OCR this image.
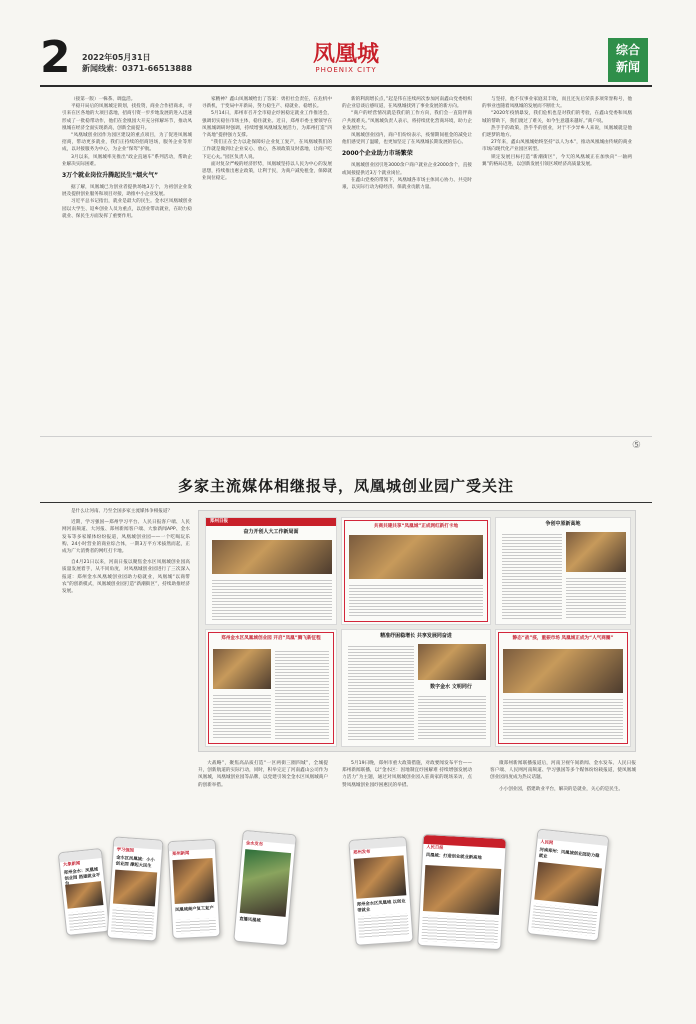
2 2022年05月31日
新闻线索：0371-66513888
凤凰城
PHOENIX CITY
综合
新闻

（接第一版）一株茶、调盘活。

平稳开局后的凤凰城定锁划，找投资，商业合作招商求，寻引来在区各地的大项目落地，招商引资一步步地发展的进入迅速形成了一批稳带动作，他们在金凰园大开充分挥解环节，推动凤凰城在经济全面实现新高，创新全面提升。

“凤凰城创业园作为园区建设的重点项目，为了促进凤凰城招商，带动更多就业，我们正持续的招商进场，服务企业等形成，以对接服务为中心，为企业“保驾”护航。

3月以来，凤凰城率先推出“政企直通车”系列活动，帮助企业解决实际困难。

3万个就业岗位升腾起民生“烟火气”

据了解，凤凰城已为创业者提供场地3万个，为初创企业发展及提供创业服务和项目对接，助推中小企业发展。

习近平总书记指出，就业是最大的民生。金水区凤凰城创业园以大学生、返乡创业人员为重点，以创业带动就业，在助力稳就业、保民生方面发挥了重要作用。

家精神？鑫山凤凰城给出了答案：勇担社会责任，在危机中寻新机，于变局中开新局，努力稳生产、稳就业、稳增长。

5月14日，郑州市召开全市稳企纾困稳定就业工作推进会，强调切实稳住市场主体，稳住就业。近日，郑州市委主要领导在凤凰城调研时强调，持续增强凤凰城发展活力，为郑州打造“四个高地”提供强力支撑。

“我们正在全力以赴保障好企业复工复产，在凤凰城我们的工作就是做到让企业安心、放心，各项政策及时落地，让商户吃下定心丸。”园区负责人说。

面对复杂严峻的经济形势，凤凰城坚持以人民为中心的发展思想，持续推出惠企政策，让利于民，为商户减免租金，保障就业岗位稳定。

新的利润增长点，”起是伟在连续两次参加河南鑫山党委组织的企业恳谈后感叹道，在凤凰城找到了事业发展的新方向。

“商户的经营情况就是我们的工作方向，我们会一直陪伴商户共渡难关。”凤凰城负责人表示，将持续优化营商环境，助力企业发展壮大。

凤凰城创业园内，商户们纷纷表示，疫情期间租金的减免让他们感受到了温暖，也更加坚定了在凤凰城长期发展的信心。

2000个企业助力市场繁荣

凤凰城创业园引进3000余户商户就业企业2000余个，直接或间接提供近3万个就业岗位。

在鑫山党委的带领下，凤凰城各市场主体同心协力、共克时艰，以实际行动为稳经济、保就业贡献力量。

与坚持，他不仅事业家庭双丰收，而且还先后荣获多项荣誉称号，他的事业也随着凤凰城的发展而不断壮大。

“2020年疫情暴发，我们危机也是对我们的考验，在鑫山党委和凤凰城的帮助下，我们渡过了难关，如今生意越来越好。”商户说。

热手手的政策，热乎乎的创业，对于不少异乡人来说，凤凰城就是他们逐梦的地方。

27年来，鑫山凤凰城始终坚持“以人为本”，推动凤凰城由传统的商业市场向现代化产业园区转型。

锁定发展目标打造“新潮街区”，今天的凤凰城正在加快向“一轴两翼”的格局迈进，以创新发展引领区域经济高质量发展。

⑤
多家主流媒体相继报导，凤凰城创业园广受关注

是什么让河南、乃至全国多家主流媒体争相报道？

近期，学习强国—郑州学习平台、人民日报客户端、人民网河南频道、大河报、郑州新闻客户端、大象新闻APP、金水发布等多家媒体纷纷报道，凤凰城创业园——一个吃喝玩乐购、24小时营业的商业综合体，一期3万平方米拔然而起，正成为广大消费者的网红打卡地。

自4月21日以来，河南日报以聚焦金水区凤凰城创业园高质量发展着手，从不同角度，对凤凰城创业园进行了三次深入报道：郑州金水凤凰城创业园助力稳就业，凤凰城“以商带农”的创新模式，凤凰城创业园打造“新潮街区”，持续助推经济发展。

郑州日报
奋力开创人大工作新局面
共商共建共享“凤凰城”正成网红新打卡地	争创中原新高地
郑州金水区凤凰城创业园 开启“凤凰”腾飞新征程	精准纾困稳增长 共享发展同奋进
数字金水 文明同行
静态“战”疫，重振市场 凤凰城正成为“人气商圈”

大战略”，聚焦高品质打造“一区两街三圈四城”，全城提升，创新航道的实际行动，同时，积举完定了河南鑫山公司作为凤凰城，凤凰城创业园等品牌，以党建引领全金水区凤凰城商户的创新举措。

5月19日晚，郑州市重大政策措施，对政要闻发布平台——郑州新闻联播，以“金水区：因地制宜纾困解难 持续增强发展动力活力”为主题，通过对凤凰城创业园入驻商家的现场采访，点赞凤凰城创业园纾困惠民的举措。

微郑州新闻联播报道后，河南卫视午间新闻、金水发布、人民日报客户端、人民网河南频道、学习强国等多个媒体纷纷载报道，使凤凰城创业园再度成为热议话题。

小小创业园，搭建助业平台，解决的是就业，关心的是民生。

大象新闻
郑州金水：凤凰城创业园 搭建就业平台
学习强国
金水区凤凰城：小小创业园 撑起大民生
郑州新闻
凤凰城商户复工复产
金水发布
直播凤凰城
郑州发布
郑州金水区凤凰城 以创业带就业
人民日报
凤凰城：打造创业就业新高地
人民网
河南郑州：凤凰城创业园助力稳就业
